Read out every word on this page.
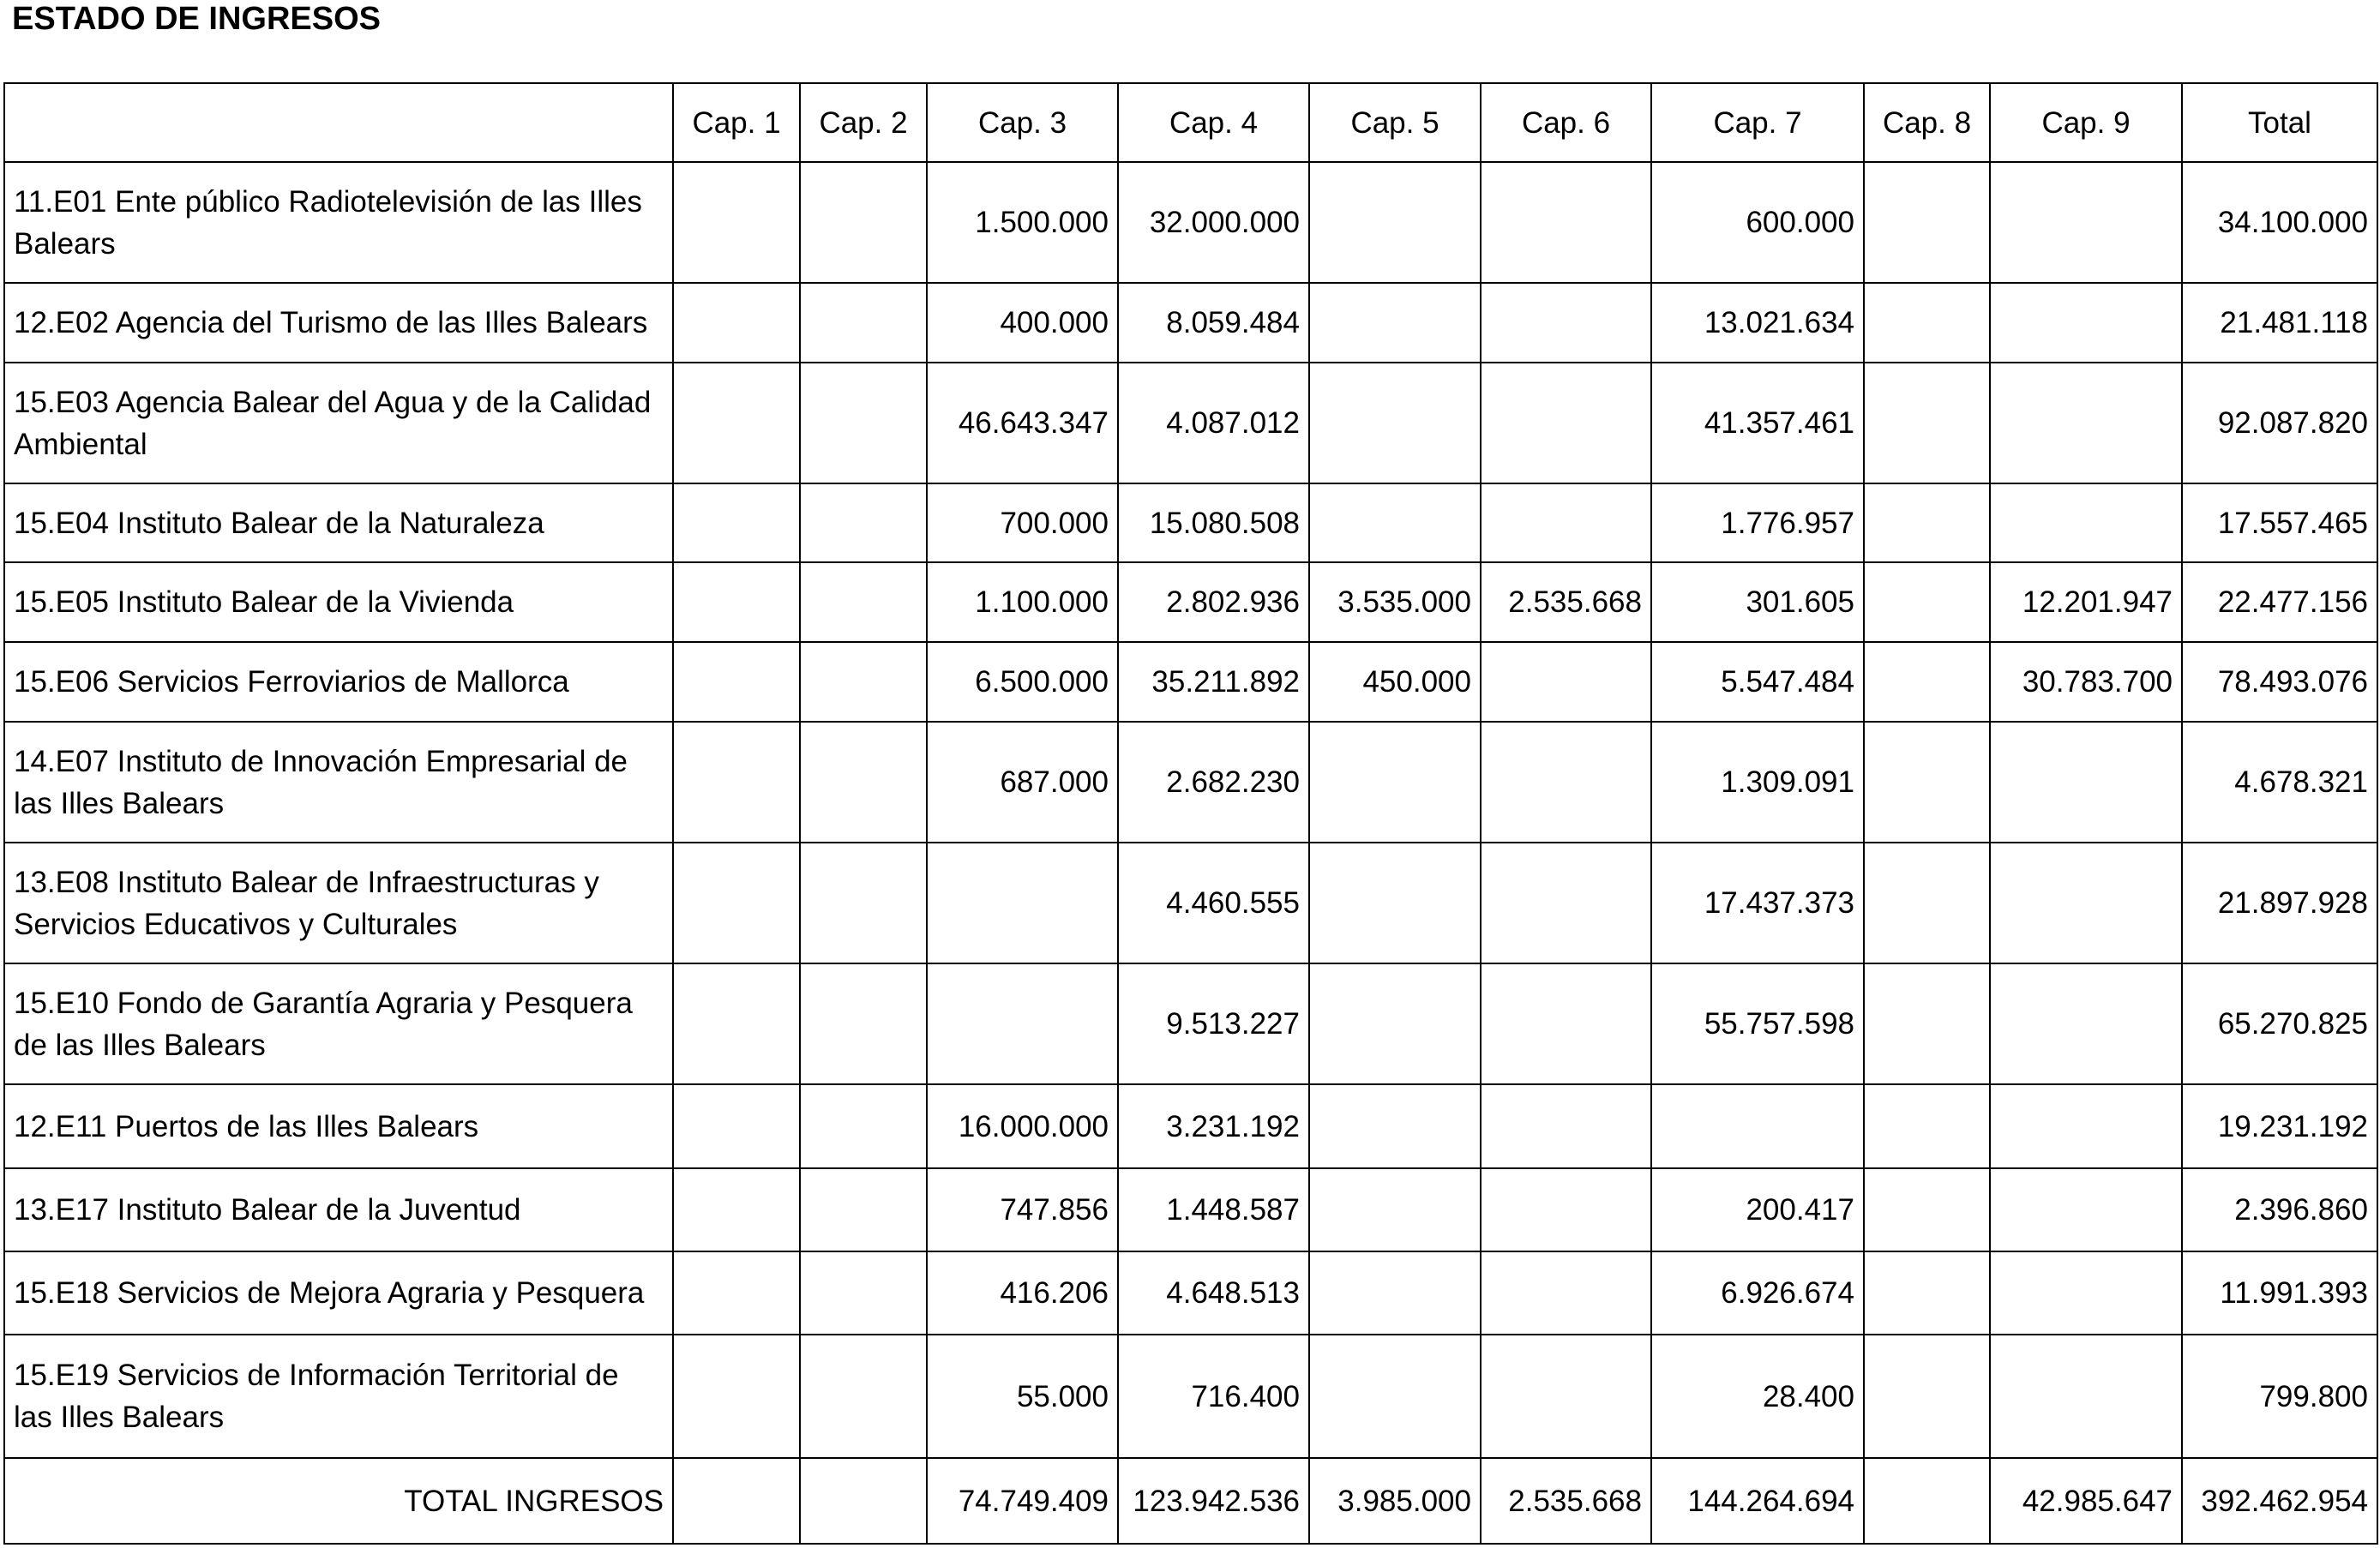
ESTADO DE INGRESOS
	Cap. 1	Cap. 2	Cap. 3	Cap. 4	Cap. 5	Cap. 6	Cap. 7	Cap. 8	Cap. 9	Total
11.E01 Ente público Radiotelevisión de las Illes Balears			1.500.000	32.000.000			600.000			34.100.000
12.E02 Agencia del Turismo de las Illes Balears			400.000	8.059.484			13.021.634			21.481.118
15.E03 Agencia Balear del Agua y de la Calidad Ambiental			46.643.347	4.087.012			41.357.461			92.087.820
15.E04 Instituto Balear de la Naturaleza			700.000	15.080.508			1.776.957			17.557.465
15.E05 Instituto Balear de la Vivienda			1.100.000	2.802.936	3.535.000	2.535.668	301.605		12.201.947	22.477.156
15.E06 Servicios Ferroviarios de Mallorca			6.500.000	35.211.892	450.000		5.547.484		30.783.700	78.493.076
14.E07 Instituto de Innovación Empresarial de las Illes Balears			687.000	2.682.230			1.309.091			4.678.321
13.E08 Instituto Balear de Infraestructuras y Servicios Educativos y Culturales				4.460.555			17.437.373			21.897.928
15.E10 Fondo de Garantía Agraria y Pesquera de las Illes Balears				9.513.227			55.757.598			65.270.825
12.E11 Puertos de las Illes Balears			16.000.000	3.231.192						19.231.192
13.E17 Instituto Balear de la Juventud			747.856	1.448.587			200.417			2.396.860
15.E18 Servicios de Mejora Agraria y Pesquera			416.206	4.648.513			6.926.674			11.991.393
15.E19 Servicios de Información Territorial de las Illes Balears			55.000	716.400			28.400			799.800
TOTAL INGRESOS			74.749.409	123.942.536	3.985.000	2.535.668	144.264.694		42.985.647	392.462.954
